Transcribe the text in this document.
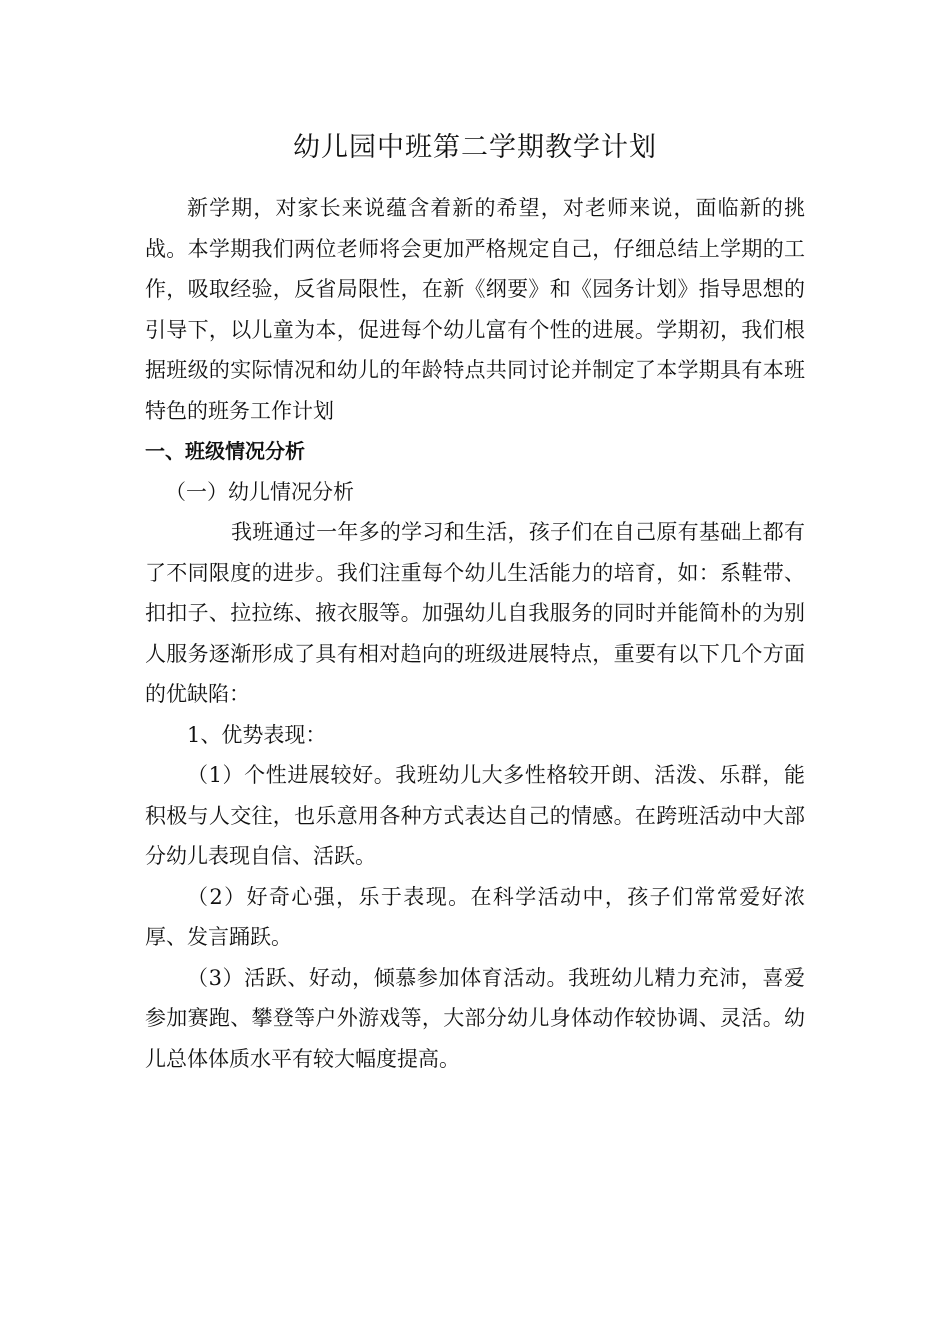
幼儿园中班第二学期教学计划

新学期，对家长来说蕴含着新的希望，对老师来说，面临新的挑战。本学期我们两位老师将会更加严格规定自己，仔细总结上学期的工作，吸取经验，反省局限性，在新《纲要》和《园务计划》指导思想的引导下，以儿童为本，促进每个幼儿富有个性的进展。学期初，我们根据班级的实际情况和幼儿的年龄特点共同讨论并制定了本学期具有本班特色的班务工作计划

一、班级情况分析

（一）幼儿情况分析

我班通过一年多的学习和生活，孩子们在自己原有基础上都有了不同限度的进步。我们注重每个幼儿生活能力的培育，如：系鞋带、扣扣子、拉拉练、掖衣服等。加强幼儿自我服务的同时并能简朴的为别人服务逐渐形成了具有相对趋向的班级进展特点，重要有以下几个方面的优缺陷：

1、优势表现：

（1）个性进展较好。我班幼儿大多性格较开朗、活泼、乐群，能积极与人交往，也乐意用各种方式表达自己的情感。在跨班活动中大部分幼儿表现自信、活跃。

（2）好奇心强，乐于表现。在科学活动中，孩子们常常爱好浓厚、发言踊跃。

（3）活跃、好动，倾慕参加体育活动。我班幼儿精力充沛，喜爱参加赛跑、攀登等户外游戏等，大部分幼儿身体动作较协调、灵活。幼儿总体体质水平有较大幅度提高。
